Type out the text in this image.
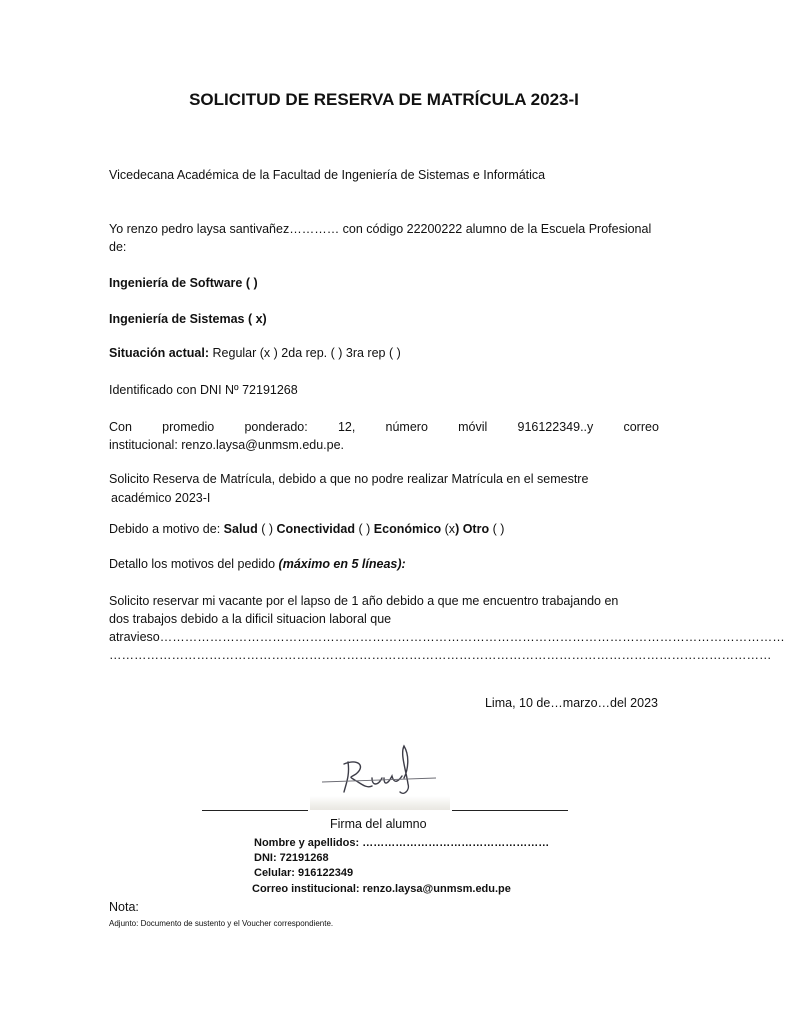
SOLICITUD DE RESERVA DE MATRÍCULA 2023-I
Vicedecana Académica de la Facultad de Ingeniería de Sistemas e Informática
Yo renzo pedro laysa santivañez………… con código 22200222 alumno de la Escuela Profesional
de:
Ingeniería de Software ( )
Ingeniería de Sistemas ( x)
Situación actual: Regular (x ) 2da rep. ( ) 3ra rep ( )
Identificado con DNI Nº 72191268
Con promedio ponderado: 12, número móvil 916122349..y correo
institucional: renzo.laysa@unmsm.edu.pe.
Solicito Reserva de Matrícula, debido a que no podre realizar Matrícula en el semestre
académico 2023-I
Debido a motivo de: Salud ( ) Conectividad ( ) Económico (x) Otro ( )
Detallo los motivos del pedido (máximo en 5 líneas):
Solicito reservar mi vacante por el lapso de 1 año debido a que me encuentro trabajando en
dos trabajos debido a la dificil situacion laboral que
atravieso……………………………………………………………………………………………………………………………………
……………………………………………………………………………………………………………………………………………
Lima, 10 de…marzo…del 2023
Firma del alumno
Nombre y apellidos: ……………………………………………
DNI: 72191268
Celular: 916122349
Correo institucional: renzo.laysa@unmsm.edu.pe
Nota:
Adjunto: Documento de sustento y el Voucher correspondiente.
